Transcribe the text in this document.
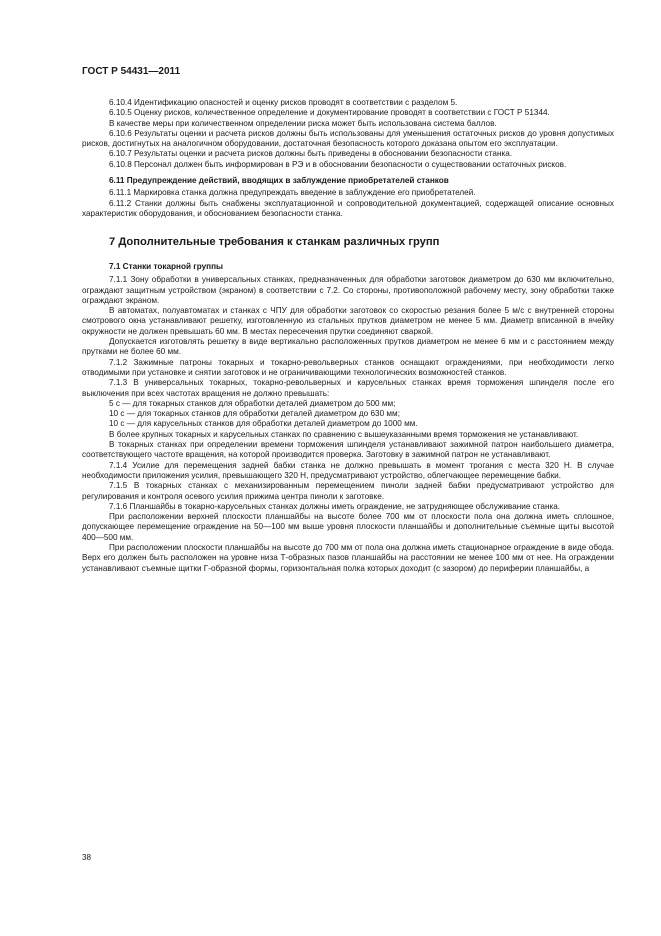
ГОСТ Р 54431—2011

6.10.4 Идентификацию опасностей и оценку рисков проводят в соответствии с разделом 5.

6.10.5 Оценку рисков, количественное определение и документирование проводят в соответствии с ГОСТ Р 51344.

В качестве меры при количественном определении риска может быть использована система баллов.

6.10.6 Результаты оценки и расчета рисков должны быть использованы для уменьшения остаточных рисков до уровня допустимых рисков, достигнутых на аналогичном оборудовании, достаточная безопасность которого доказана опытом его эксплуатации.

6.10.7 Результаты оценки и расчета рисков должны быть приведены в обосновании безопасности станка.

6.10.8 Персонал должен быть информирован в РЭ и в обосновании безопасности о существовании остаточных рисков.

6.11 Предупреждение действий, вводящих в заблуждение приобретателей станков

6.11.1 Маркировка станка должна предупреждать введение в заблуждение его приобретателей.

6.11.2 Станки должны быть снабжены эксплуатационной и сопроводительной документацией, содержащей описание основных характеристик оборудования, и обоснованием безопасности станка.

7 Дополнительные требования к станкам различных групп
7.1 Станки токарной группы

7.1.1 Зону обработки в универсальных станках, предназначенных для обработки заготовок диаметром до 630 мм включительно, ограждают защитным устройством (экраном) в соответствии с 7.2. Со стороны, противоположной рабочему месту, зону обработки также ограждают экраном.

В автоматах, полуавтоматах и станках с ЧПУ для обработки заготовок со скоростью резания более 5 м/с с внутренней стороны смотрового окна устанавливают решетку, изготовленную из стальных прутков диаметром не менее 5 мм. Диаметр вписанной в ячейку окружности не должен превышать 60 мм. В местах пересечения прутки соединяют сваркой.

Допускается изготовлять решетку в виде вертикально расположенных прутков диаметром не менее 6 мм и с расстоянием между прутками не более 60 мм.

7.1.2 Зажимные патроны токарных и токарно-револьверных станков оснащают ограждениями, при необходимости легко отводимыми при установке и снятии заготовок и не ограничивающими технологических возможностей станков.

7.1.3 В универсальных токарных, токарно-револьверных и карусельных станках время торможения шпинделя после его выключения при всех частотах вращения не должно превышать:

5 с — для токарных станков для обработки деталей диаметром до 500 мм;

10 с — для токарных станков для обработки деталей диаметром до 630 мм;

10 с — для карусельных станков для обработки деталей диаметром до 1000 мм.

В более крупных токарных и карусельных станках по сравнению с вышеуказанными время торможения не устанавливают.

В токарных станках при определении времени торможения шпинделя устанавливают зажимной патрон наибольшего диаметра, соответствующего частоте вращения, на которой производится проверка. Заготовку в зажимной патрон не устанавливают.

7.1.4 Усилие для перемещения задней бабки станка не должно превышать в момент трогания с места 320 Н. В случае необходимости приложения усилия, превышающего 320 Н, предусматривают устройство, облегчающее перемещение бабки.

7.1.5 В токарных станках с механизированным перемещением пиноли задней бабки предусматривают устройство для регулирования и контроля осевого усилия прижима центра пиноли к заготовке.

7.1.6 Планшайбы в токарно-карусельных станках должны иметь ограждение, не затрудняющее обслуживание станка.

При расположении верхней плоскости планшайбы на высоте более 700 мм от плоскости пола она должна иметь сплошное, допускающее перемещение ограждение на 50—100 мм выше уровня плоскости планшайбы и дополнительные съемные щиты высотой 400—500 мм.

При расположении плоскости планшайбы на высоте до 700 мм от пола она должна иметь стационарное ограждение в виде обода. Верх его должен быть расположен на уровне низа Т-образных пазов планшайбы на расстоянии не менее 100 мм от нее. На ограждении устанавливают съемные щитки Г-образной формы, горизонтальная полка которых доходит (с зазором) до периферии планшайбы, а

38
